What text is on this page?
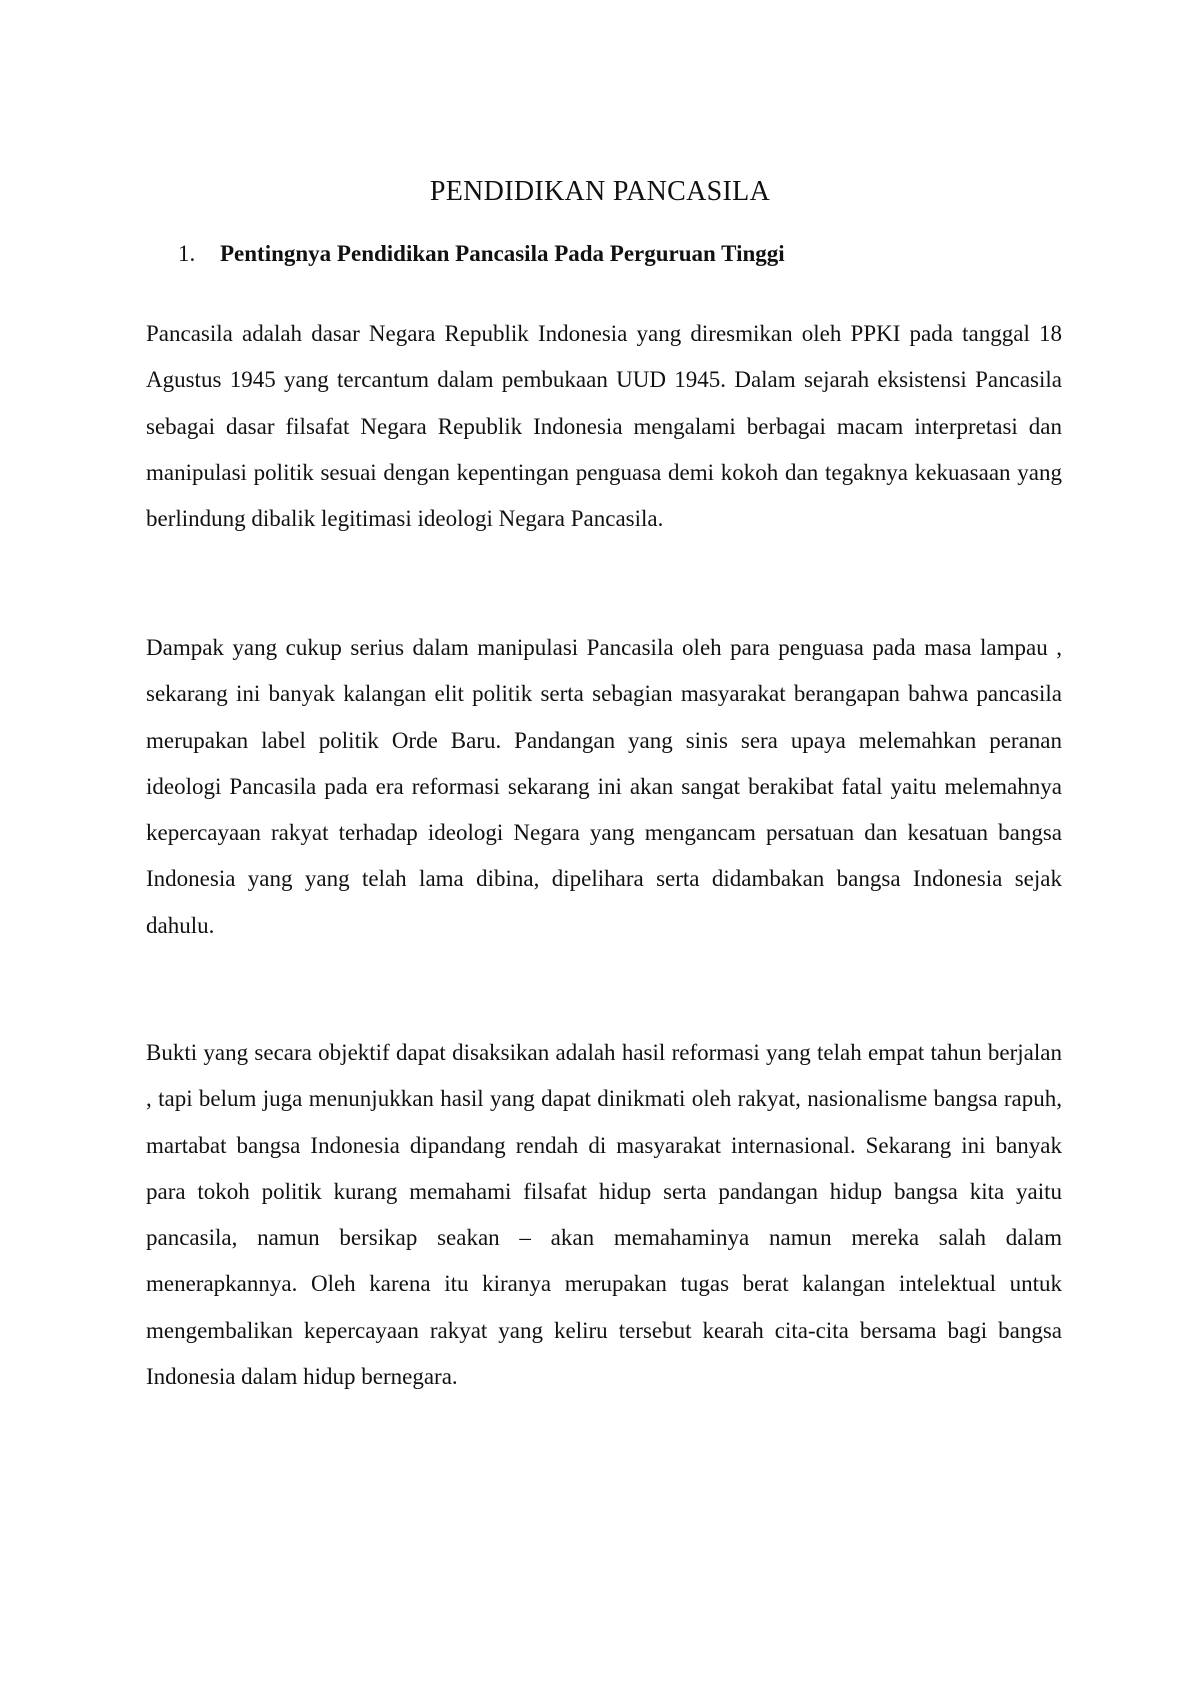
PENDIDIKAN PANCASILA
1. Pentingnya Pendidikan Pancasila Pada Perguruan Tinggi

Pancasila adalah dasar Negara Republik Indonesia yang diresmikan oleh PPKI pada tanggal 18 Agustus 1945 yang tercantum dalam pembukaan UUD 1945. Dalam sejarah eksistensi Pancasila sebagai dasar filsafat Negara Republik Indonesia mengalami berbagai macam interpretasi dan manipulasi politik sesuai dengan kepentingan penguasa demi kokoh dan tegaknya kekuasaan yang berlindung dibalik legitimasi ideologi Negara Pancasila.

Dampak yang cukup serius dalam manipulasi Pancasila oleh para penguasa pada masa lampau , sekarang ini banyak kalangan elit politik serta sebagian masyarakat berangapan bahwa pancasila merupakan label politik Orde Baru. Pandangan yang sinis sera upaya melemahkan peranan ideologi Pancasila pada era reformasi sekarang ini akan sangat berakibat fatal yaitu melemahnya kepercayaan rakyat terhadap ideologi Negara yang mengancam persatuan dan kesatuan bangsa Indonesia yang yang telah lama dibina, dipelihara serta didambakan bangsa Indonesia sejak dahulu.

Bukti yang secara objektif dapat disaksikan adalah hasil reformasi yang telah empat tahun berjalan , tapi belum juga menunjukkan hasil yang dapat dinikmati oleh rakyat, nasionalisme bangsa rapuh, martabat bangsa Indonesia dipandang rendah di masyarakat internasional. Sekarang ini banyak para tokoh politik kurang memahami filsafat hidup serta pandangan hidup bangsa kita yaitu pancasila, namun bersikap seakan – akan memahaminya namun mereka salah dalam menerapkannya. Oleh karena itu kiranya merupakan tugas berat kalangan intelektual untuk mengembalikan kepercayaan rakyat yang keliru tersebut kearah cita-cita bersama bagi bangsa Indonesia dalam hidup bernegara.
